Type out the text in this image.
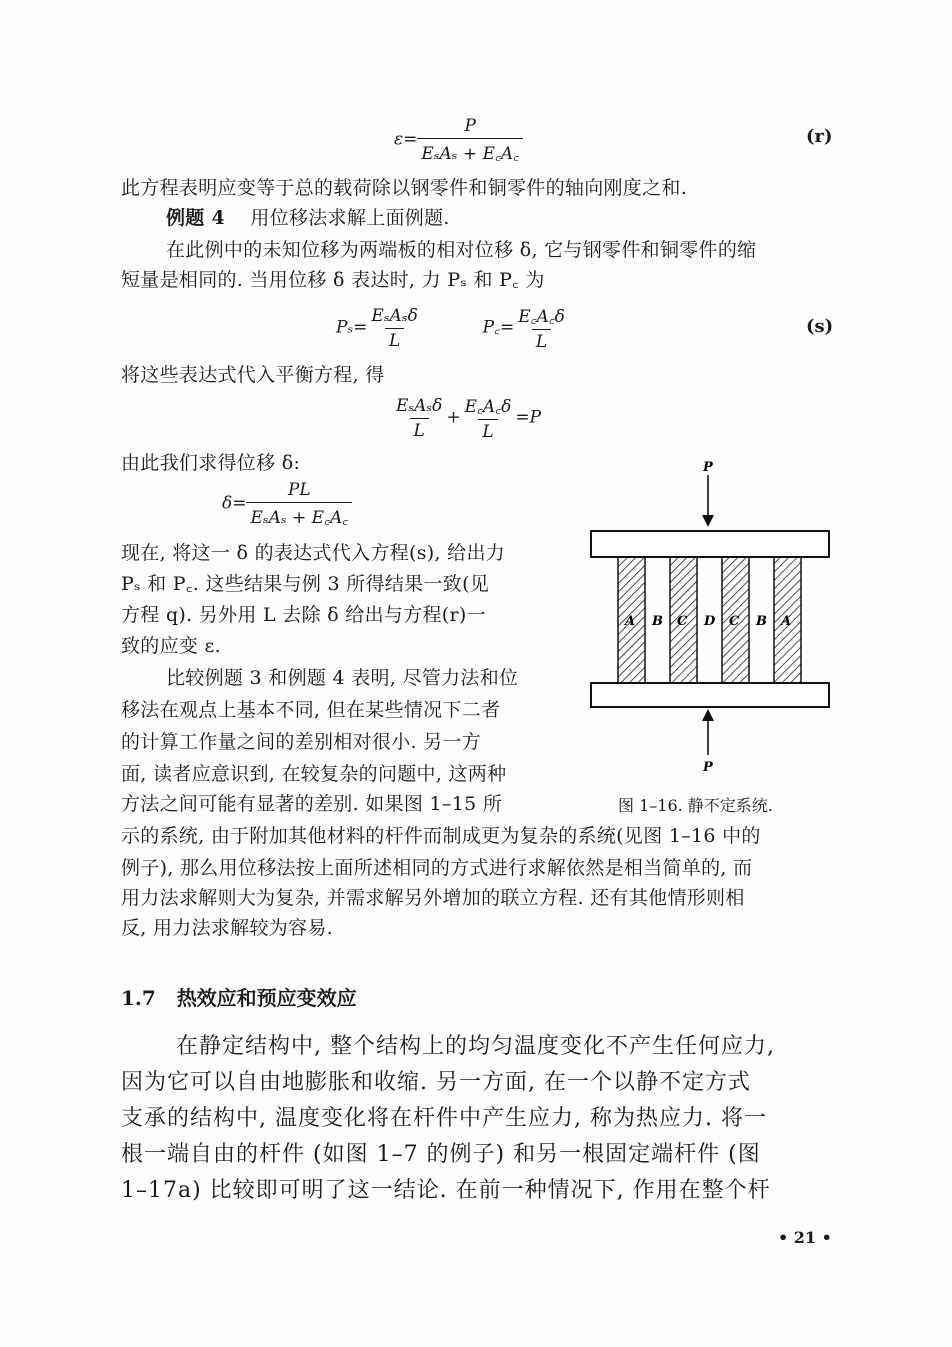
$\varepsilon= \frac{P}{\text{EₛAₛ + E꜀A꜀}}$	(r)
此方程表明应变等于总的载荷除以钢零件和铜零件的轴向刚度之和.
例题 4 用位移法求解上面例题.
在此例中的未知位移为两端板的相对位移 δ, 它与钢零件和铜零件的缩
短量是相同的. 当用位移 δ 表达时, 力 Pₛ 和 P꜀ 为
$P_s= \frac{\text{EₛAₛδ}}{L}$	P꜀= $\frac{E꜀A꜀\delta}{L}$	(s)
将这些表达式代入平衡方程, 得
$\frac{\text{EₛAₛδ}}{L} + \frac{E꜀A꜀\delta}{L} =P$
由此我们求得位移 δ:
$\delta= \frac{PL}{\text{EₛAₛ + E꜀A꜀}}$
现在, 将这一 δ 的表达式代入方程(s), 给出力
Pₛ 和 P꜀. 这些结果与例 3 所得结果一致(见
方程 q). 另外用 L 去除 δ 给出与方程(r)一
致的应变 ε.
比较例题 3 和例题 4 表明, 尽管力法和位
移法在观点上基本不同, 但在某些情况下二者
的计算工作量之间的差别相对很小. 另一方
面, 读者应意识到, 在较复杂的问题中, 这两种
方法之间可能有显著的差别. 如果图 1–15 所
示的系统, 由于附加其他材料的杆件而制成更为复杂的系统(见图 1–16 中的
例子), 那么用位移法按上面所述相同的方式进行求解依然是相当简单的, 而
用力法求解则大为复杂, 并需求解另外增加的联立方程. 还有其他情形则相
反, 用力法求解较为容易.
P
A B C D C B A
P
图 1–16. 静不定系统.
1.7 热效应和预应变效应
在静定结构中, 整个结构上的均匀温度变化不产生任何应力,
因为它可以自由地膨胀和收缩. 另一方面, 在一个以静不定方式
支承的结构中, 温度变化将在杆件中产生应力, 称为热应力. 将一
根一端自由的杆件 (如图 1–7 的例子) 和另一根固定端杆件 (图
1–17a) 比较即可明了这一结论. 在前一种情况下, 作用在整个杆
• 21 •
